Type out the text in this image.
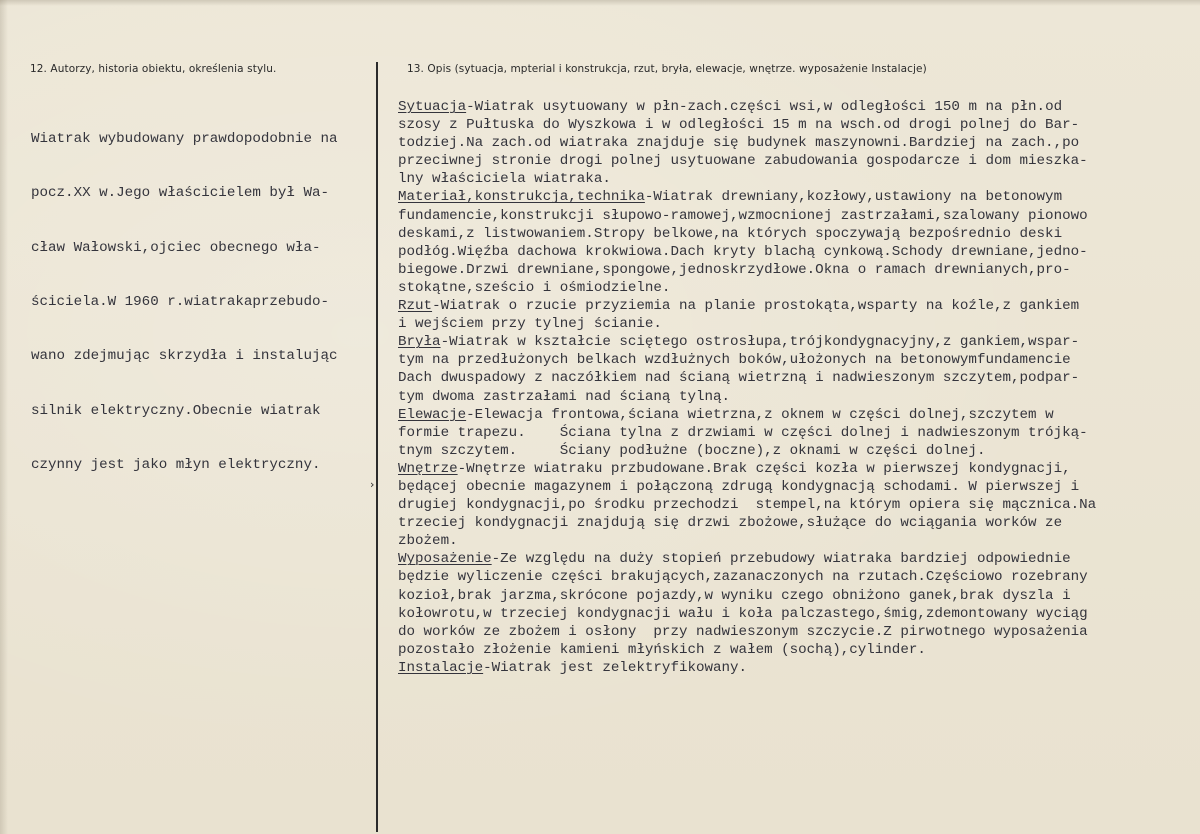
12. Autorzy, historia obiektu, określenia stylu.	13. Opis (sytuacja, mpterial i konstrukcja, rzut, bryła, elewacje, wnętrze. wyposażenie Instalacje)
›

Wiatrak wybudowany prawdopodobnie na

pocz.XX w.Jego właścicielem był Wa-

cław Wałowski,ojciec obecnego wła-

ściciela.W 1960 r.wiatrakaprzebudo-

wano zdejmując skrzydła i instalując

silnik elektryczny.Obecnie wiatrak

czynny jest jako młyn elektryczny.

Sytuacja-Wiatrak usytuowany w płn-zach.części wsi,w odległości 150 m na płn.od
szosy z Pułtuska do Wyszkowa i w odległości 15 m na wsch.od drogi polnej do Bar-
todziej.Na zach.od wiatraka znajduje się budynek maszynowni.Bardziej na zach.,po
przeciwnej stronie drogi polnej usytuowane zabudowania gospodarcze i dom mieszka-
lny właściciela wiatraka.
Materiał,konstrukcja,technika-Wiatrak drewniany,kozłowy,ustawiony na betonowym
fundamencie,konstrukcji słupowo-ramowej,wzmocnionej zastrzałami,szalowany pionowo
deskami,z listwowaniem.Stropy belkowe,na których spoczywają bezpośrednio deski
podłóg.Więźba dachowa krokwiowa.Dach kryty blachą cynkową.Schody drewniane,jedno-
biegowe.Drzwi drewniane,spongowe,jednoskrzydłowe.Okna o ramach drewnianych,pro-
stokątne,sześcio i ośmiodzielne.
Rzut-Wiatrak o rzucie przyziemia na planie prostokąta,wsparty na koźle,z gankiem
i wejściem przy tylnej ścianie.
Bryła-Wiatrak w kształcie sciętego ostrosłupa,trójkondygnacyjny,z gankiem,wspar-
tym na przedłużonych belkach wzdłużnych boków,ułożonych na betonowymfundamencie
Dach dwuspadowy z naczółkiem nad ścianą wietrzną i nadwieszonym szczytem,podpar-
tym dwoma zastrzałami nad ścianą tylną.
Elewacje-Elewacja frontowa,ściana wietrzna,z oknem w części dolnej,szczytem w
formie trapezu.    Ściana tylna z drzwiami w części dolnej i nadwieszonym trójką-
tnym szczytem.     Ściany podłużne (boczne),z oknami w części dolnej.
Wnętrze-Wnętrze wiatraku przbudowane.Brak części kozła w pierwszej kondygnacji,
będącej obecnie magazynem i połączoną zdrugą kondygnacją schodami. W pierwszej i
drugiej kondygnacji,po środku przechodzi  stempel,na którym opiera się mącznica.Na
trzeciej kondygnacji znajdują się drzwi zbożowe,służące do wciągania worków ze
zbożem.
Wyposażenie-Ze względu na duży stopień przebudowy wiatraka bardziej odpowiednie
będzie wyliczenie części brakujących,zazanaczonych na rzutach.Częściowo rozebrany
kozioł,brak jarzma,skrócone pojazdy,w wyniku czego obniżono ganek,brak dyszla i
kołowrotu,w trzeciej kondygnacji wału i koła palczastego,śmig,zdemontowany wyciąg
do worków ze zbożem i osłony  przy nadwieszonym szczycie.Z pirwotnego wyposażenia
pozostało złożenie kamieni młyńskich z wałem (sochą),cylinder.
Instalacje-Wiatrak jest zelektryfikowany.
